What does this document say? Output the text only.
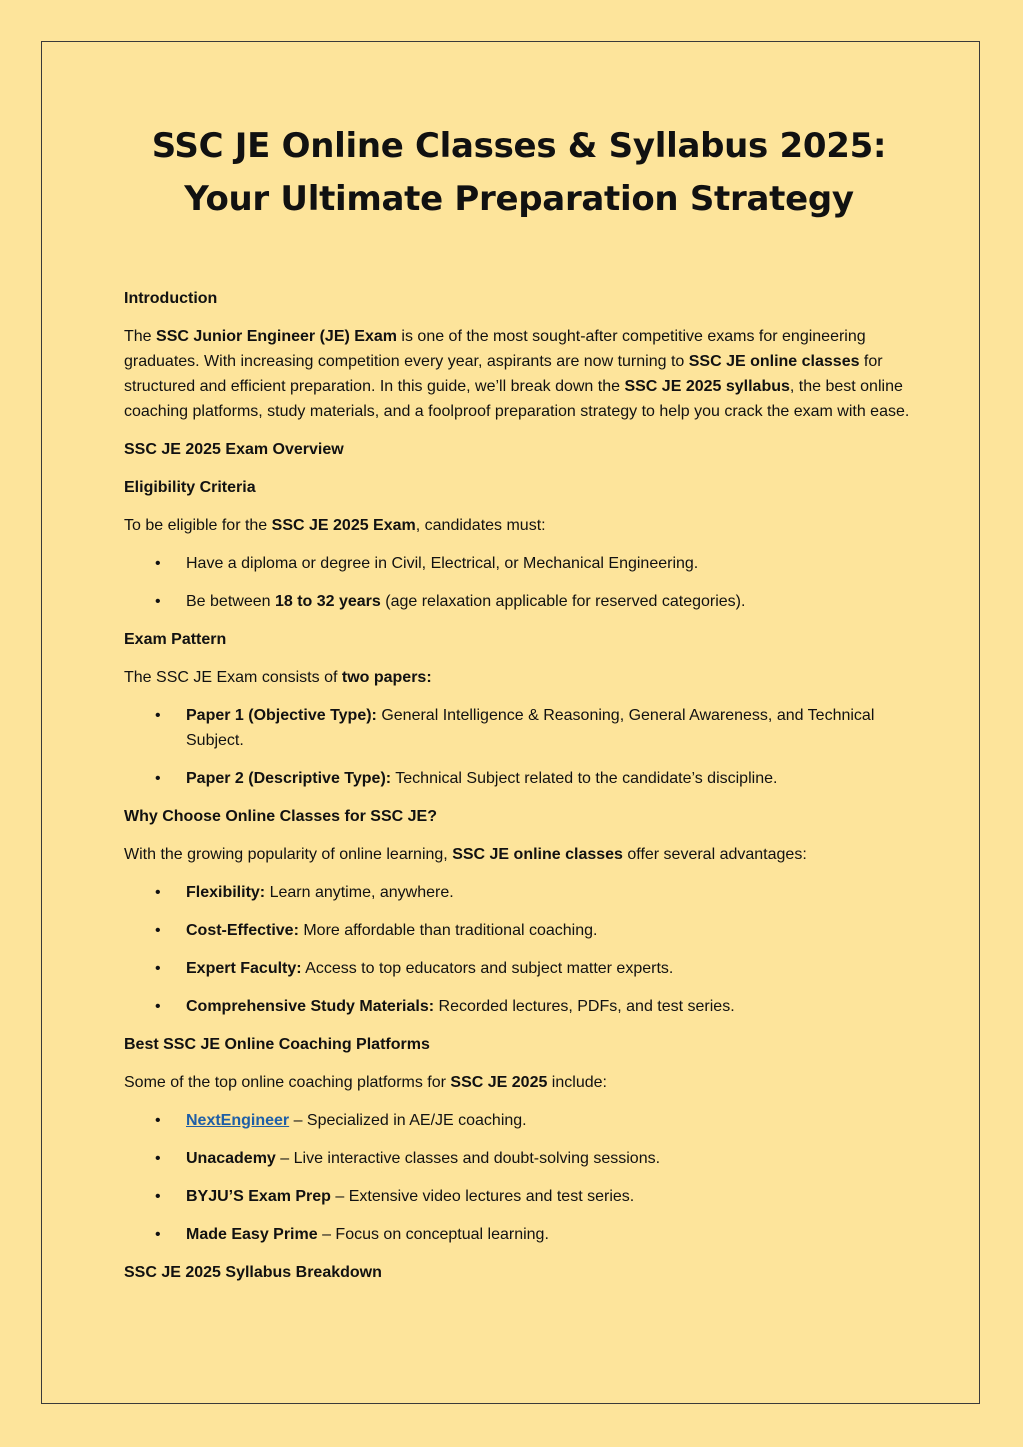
SSC JE Online Classes & Syllabus 2025: Your Ultimate Preparation Strategy
Introduction

The SSC Junior Engineer (JE) Exam is one of the most sought-after competitive exams for engineering graduates. With increasing competition every year, aspirants are now turning to SSC JE online classes for structured and efficient preparation. In this guide, we’ll break down the SSC JE 2025 syllabus, the best online coaching platforms, study materials, and a foolproof preparation strategy to help you crack the exam with ease.

SSC JE 2025 Exam Overview
Eligibility Criteria

To be eligible for the SSC JE 2025 Exam, candidates must:

• Have a diploma or degree in Civil, Electrical, or Mechanical Engineering.
• Be between 18 to 32 years (age relaxation applicable for reserved categories).
Exam Pattern

The SSC JE Exam consists of two papers:

• Paper 1 (Objective Type): General Intelligence & Reasoning, General Awareness, and Technical Subject.
• Paper 2 (Descriptive Type): Technical Subject related to the candidate’s discipline.
Why Choose Online Classes for SSC JE?

With the growing popularity of online learning, SSC JE online classes offer several advantages:

• Flexibility: Learn anytime, anywhere.
• Cost-Effective: More affordable than traditional coaching.
• Expert Faculty: Access to top educators and subject matter experts.
• Comprehensive Study Materials: Recorded lectures, PDFs, and test series.
Best SSC JE Online Coaching Platforms

Some of the top online coaching platforms for SSC JE 2025 include:

• NextEngineer – Specialized in AE/JE coaching.
• Unacademy – Live interactive classes and doubt-solving sessions.
• BYJU’S Exam Prep – Extensive video lectures and test series.
• Made Easy Prime – Focus on conceptual learning.
SSC JE 2025 Syllabus Breakdown
